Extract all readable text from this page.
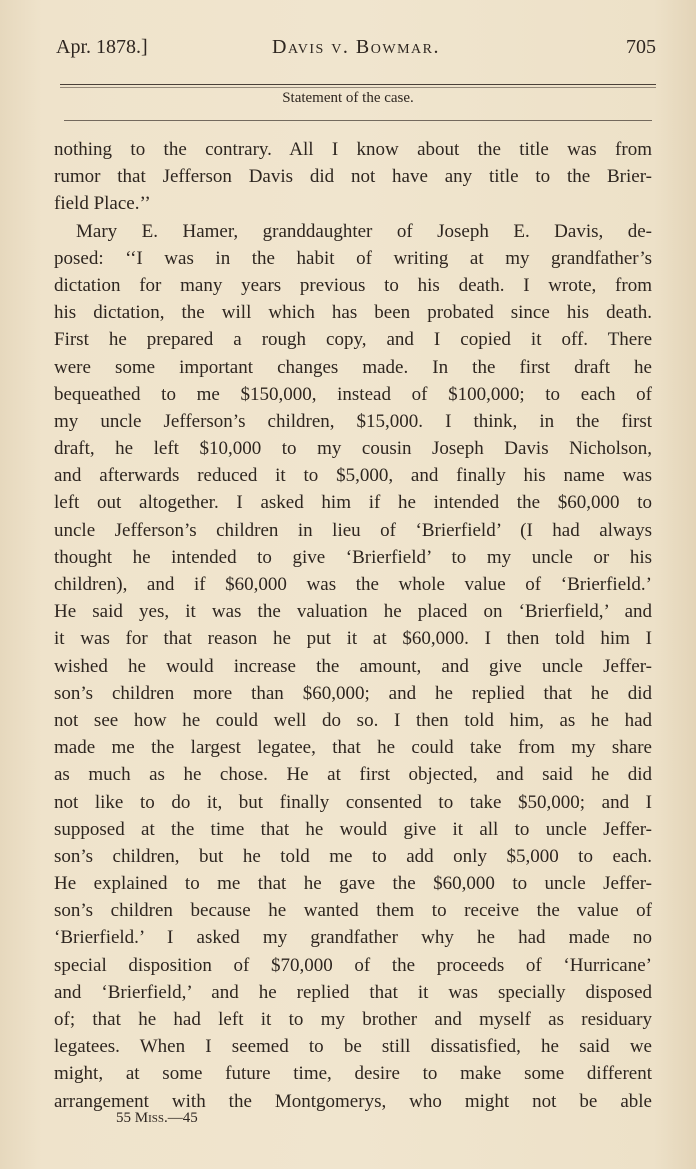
Apr. 1878.]	Davis v. Bowmar.	705
Statement of the case.
nothing to the contrary. All I know about the title was from
rumor that Jefferson Davis did not have any title to the Brier-
field Place.’’
Mary E. Hamer, granddaughter of Joseph E. Davis, de-
posed: ‘‘I was in the habit of writing at my grandfather’s
dictation for many years previous to his death. I wrote, from
his dictation, the will which has been probated since his death.
First he prepared a rough copy, and I copied it off. There
were some important changes made. In the first draft he
bequeathed to me $150,000, instead of $100,000; to each of
my uncle Jefferson’s children, $15,000. I think, in the first
draft, he left $10,000 to my cousin Joseph Davis Nicholson,
and afterwards reduced it to $5,000, and finally his name was
left out altogether. I asked him if he intended the $60,000 to
uncle Jefferson’s children in lieu of ‘Brierfield’ (I had always
thought he intended to give ‘Brierfield’ to my uncle or his
children), and if $60,000 was the whole value of ‘Brierfield.’
He said yes, it was the valuation he placed on ‘Brierfield,’ and
it was for that reason he put it at $60,000. I then told him I
wished he would increase the amount, and give uncle Jeffer-
son’s children more than $60,000; and he replied that he did
not see how he could well do so. I then told him, as he had
made me the largest legatee, that he could take from my share
as much as he chose. He at first objected, and said he did
not like to do it, but finally consented to take $50,000; and I
supposed at the time that he would give it all to uncle Jeffer-
son’s children, but he told me to add only $5,000 to each.
He explained to me that he gave the $60,000 to uncle Jeffer-
son’s children because he wanted them to receive the value of
‘Brierfield.’ I asked my grandfather why he had made no
special disposition of $70,000 of the proceeds of ‘Hurricane’
and ‘Brierfield,’ and he replied that it was specially disposed
of; that he had left it to my brother and myself as residuary
legatees. When I seemed to be still dissatisfied, he said we
might, at some future time, desire to make some different
arrangement with the Montgomerys, who might not be able
55 Miss.—45
